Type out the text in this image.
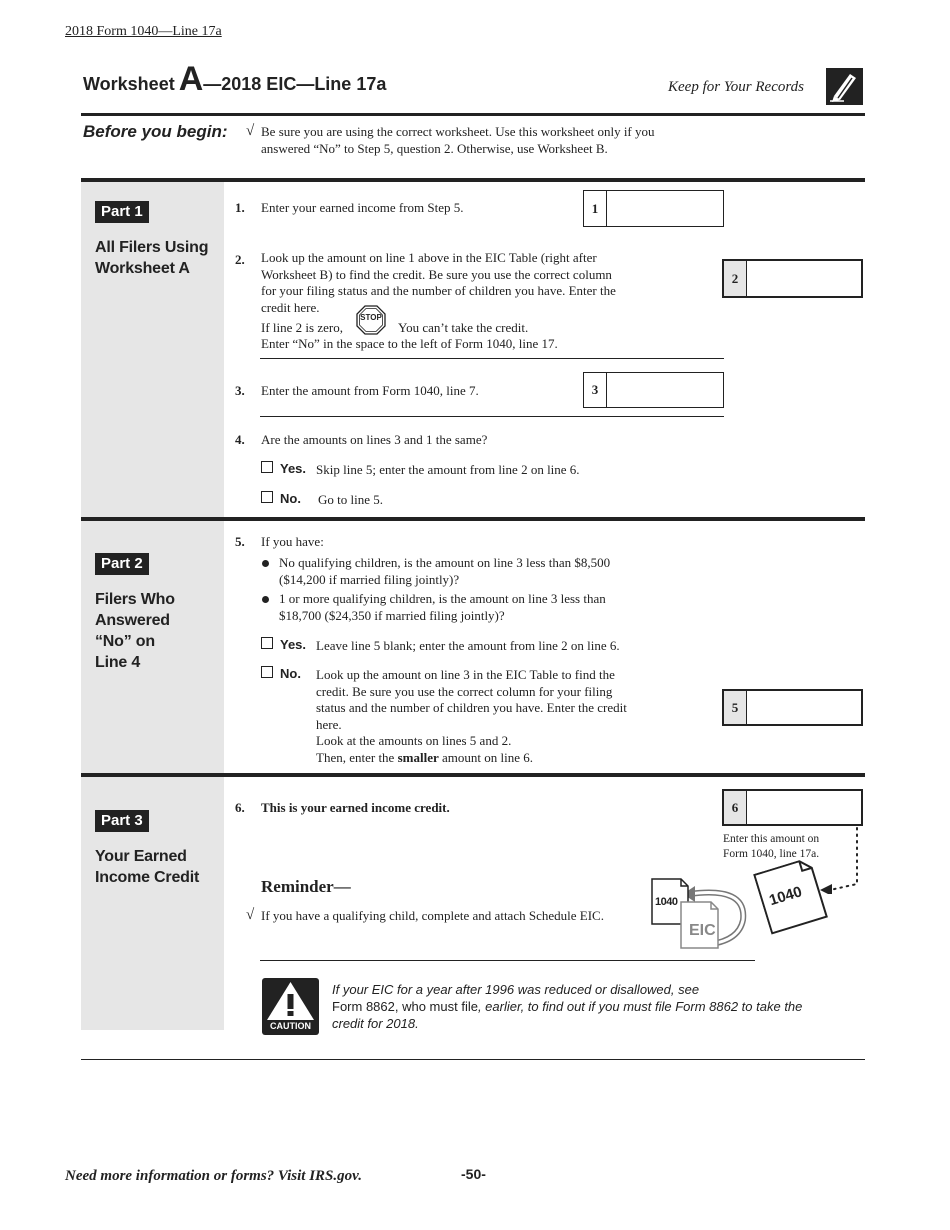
2018 Form 1040—Line 17a
Worksheet A—2018 EIC—Line 17a	Keep for Your Records
Before you begin: √ Be sure you are using the correct worksheet. Use this worksheet only if you
answered “No” to Step 5, question 2. Otherwise, use Worksheet B.
Part 1
All Filers Using
Worksheet A
1. Enter your earned income from Step 5.	1
2. Look up the amount on line 1 above in the EIC Table (right after
Worksheet B) to find the credit. Be sure you use the correct column
for your filing status and the number of children you have. Enter the
credit here.
If line 2 is zero,
STOP
You can’t take the credit.
Enter “No” in the space to the left of Form 1040, line 17.
2
3. Enter the amount from Form 1040, line 7.	3
4. Are the amounts on lines 3 and 1 the same?
Yes. Skip line 5; enter the amount from line 2 on line 6.
No. Go to line 5.
Part 2
Filers Who
Answered
“No” on
Line 4
5. If you have:
No qualifying children, is the amount on line 3 less than $8,500
($14,200 if married filing jointly)?
1 or more qualifying children, is the amount on line 3 less than
$18,700 ($24,350 if married filing jointly)?
Yes. Leave line 5 blank; enter the amount from line 2 on line 6.
No. Look up the amount on line 3 in the EIC Table to find the
credit. Be sure you use the correct column for your filing
status and the number of children you have. Enter the credit
here.
Look at the amounts on lines 5 and 2.
Then, enter the smaller amount on line 6.
5
Part 3
Your Earned
Income Credit
6. This is your earned income credit.	6
Enter this amount on
Form 1040, line 17a.
Reminder—
√ If you have a qualifying child, complete and attach Schedule EIC.
1040
EIC
1040
CAUTION
If your EIC for a year after 1996 was reduced or disallowed, see
Form 8862, who must file, earlier, to find out if you must file Form 8862 to take the
credit for 2018.
Need more information or forms? Visit IRS.gov.	-50-
